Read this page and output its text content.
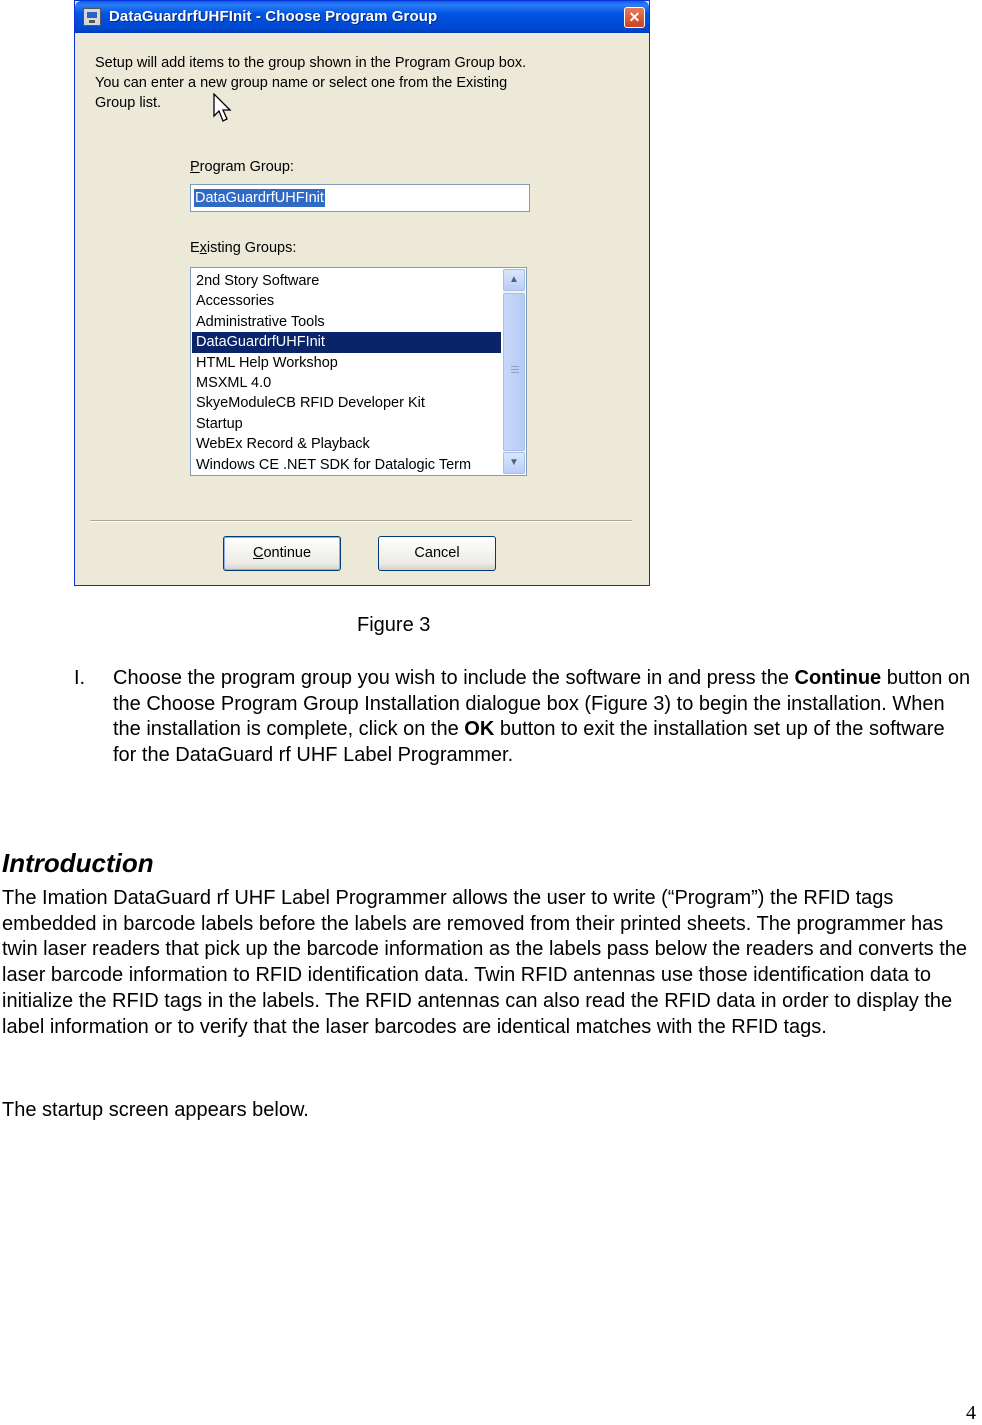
DataGuardrfUHFInit - Choose Program Group	✕
Setup will add items to the group shown in the Program Group box.
You can enter a new group name or select one from the Existing
Group list.
Program Group:
DataGuardrfUHFInit
Existing Groups:
2nd Story Software
Accessories
Administrative Tools
DataGuardrfUHFInit
HTML Help Workshop
MSXML 4.0
SkyeModuleCB RFID Developer Kit
Startup
WebEx Record & Playback
Windows CE .NET SDK for Datalogic Term
▲
▼
Continue	Cancel
Figure 3
I. Choose the program group you wish to include the software in and press the Continue button on the Choose Program Group Installation dialogue box (Figure 3) to begin the installation. When the installation is complete, click on the OK button to exit the installation set up of the software for the DataGuard rf UHF Label Programmer.
Introduction
The Imation DataGuard rf UHF Label Programmer allows the user to write (“Program”) the RFID tags embedded in barcode labels before the labels are removed from their printed sheets. The programmer has twin laser readers that pick up the barcode information as the labels pass below the readers and converts the laser barcode information to RFID identification data. Twin RFID antennas use those identification data to initialize the RFID tags in the labels. The RFID antennas can also read the RFID data in order to display the label information or to verify that the laser barcodes are identical matches with the RFID tags.
The startup screen appears below.
4
